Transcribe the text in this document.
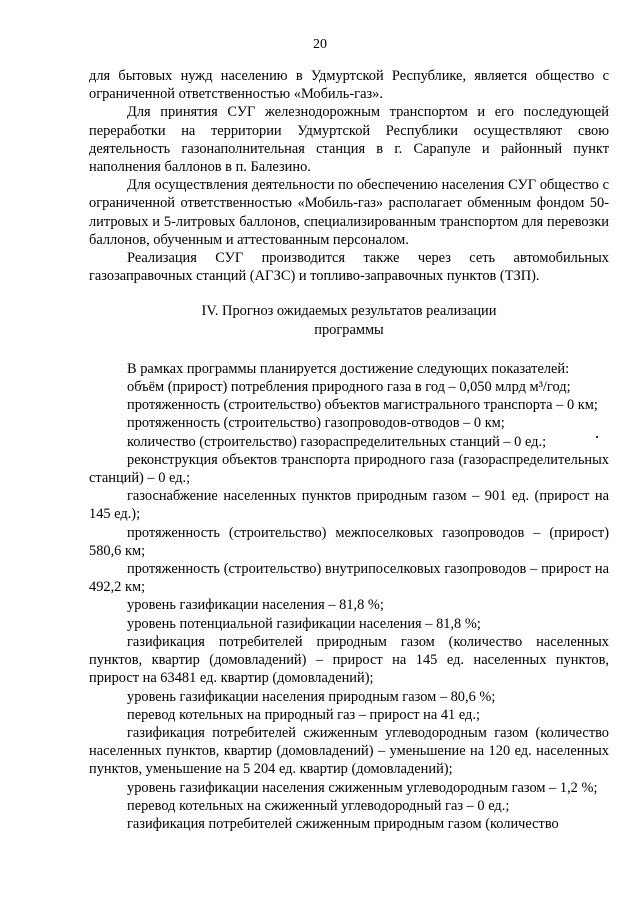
20

для бытовых нужд населению в Удмуртской Республике, является общество с ограниченной ответственностью «Мобиль-газ».

Для принятия СУГ железнодорожным транспортом и его последующей переработки на территории Удмуртской Республики осуществляют свою деятельность газонаполнительная станция в г. Сарапуле и районный пункт наполнения баллонов в п. Балезино.

Для осуществления деятельности по обеспечению населения СУГ общество с ограниченной ответственностью «Мобиль-газ» располагает обменным фондом 50-литровых и 5-литровых баллонов, специализированным транспортом для перевозки баллонов, обученным и аттестованным персоналом.

Реализация СУГ производится также через сеть автомобильных газозаправочных станций (АГЗС) и топливо-заправочных пунктов (ТЗП).

IV. Прогноз ожидаемых результатов реализации
программы

В рамках программы планируется достижение следующих показателей:

объём (прирост) потребления природного газа в год – 0,050 млрд м³/год;

протяженность (строительство) объектов магистрального транспорта – 0 км;

протяженность (строительство) газопроводов-отводов – 0 км;

количество (строительство) газораспределительных станций – 0 ед.;

реконструкция объектов транспорта природного газа (газораспределительных станций) – 0 ед.;

газоснабжение населенных пунктов природным газом – 901 ед. (прирост на 145 ед.);

протяженность (строительство) межпоселковых газопроводов – (прирост) 580,6 км;

протяженность (строительство) внутрипоселковых газопроводов – прирост на 492,2 км;

уровень газификации населения – 81,8 %;

уровень потенциальной газификации населения – 81,8 %;

газификация потребителей природным газом (количество населенных пунктов, квартир (домовладений) – прирост на 145 ед. населенных пунктов, прирост на 63481 ед. квартир (домовладений);

уровень газификации населения природным газом – 80,6 %;

перевод котельных на природный газ – прирост на 41 ед.;

газификация потребителей сжиженным углеводородным газом (количество населенных пунктов, квартир (домовладений) – уменьшение на 120 ед. населенных пунктов, уменьшение на 5 204 ед. квартир (домовладений);

уровень газификации населения сжиженным углеводородным газом – 1,2 %;

перевод котельных на сжиженный углеводородный газ – 0 ед.;

газификация потребителей сжиженным природным газом (количество
